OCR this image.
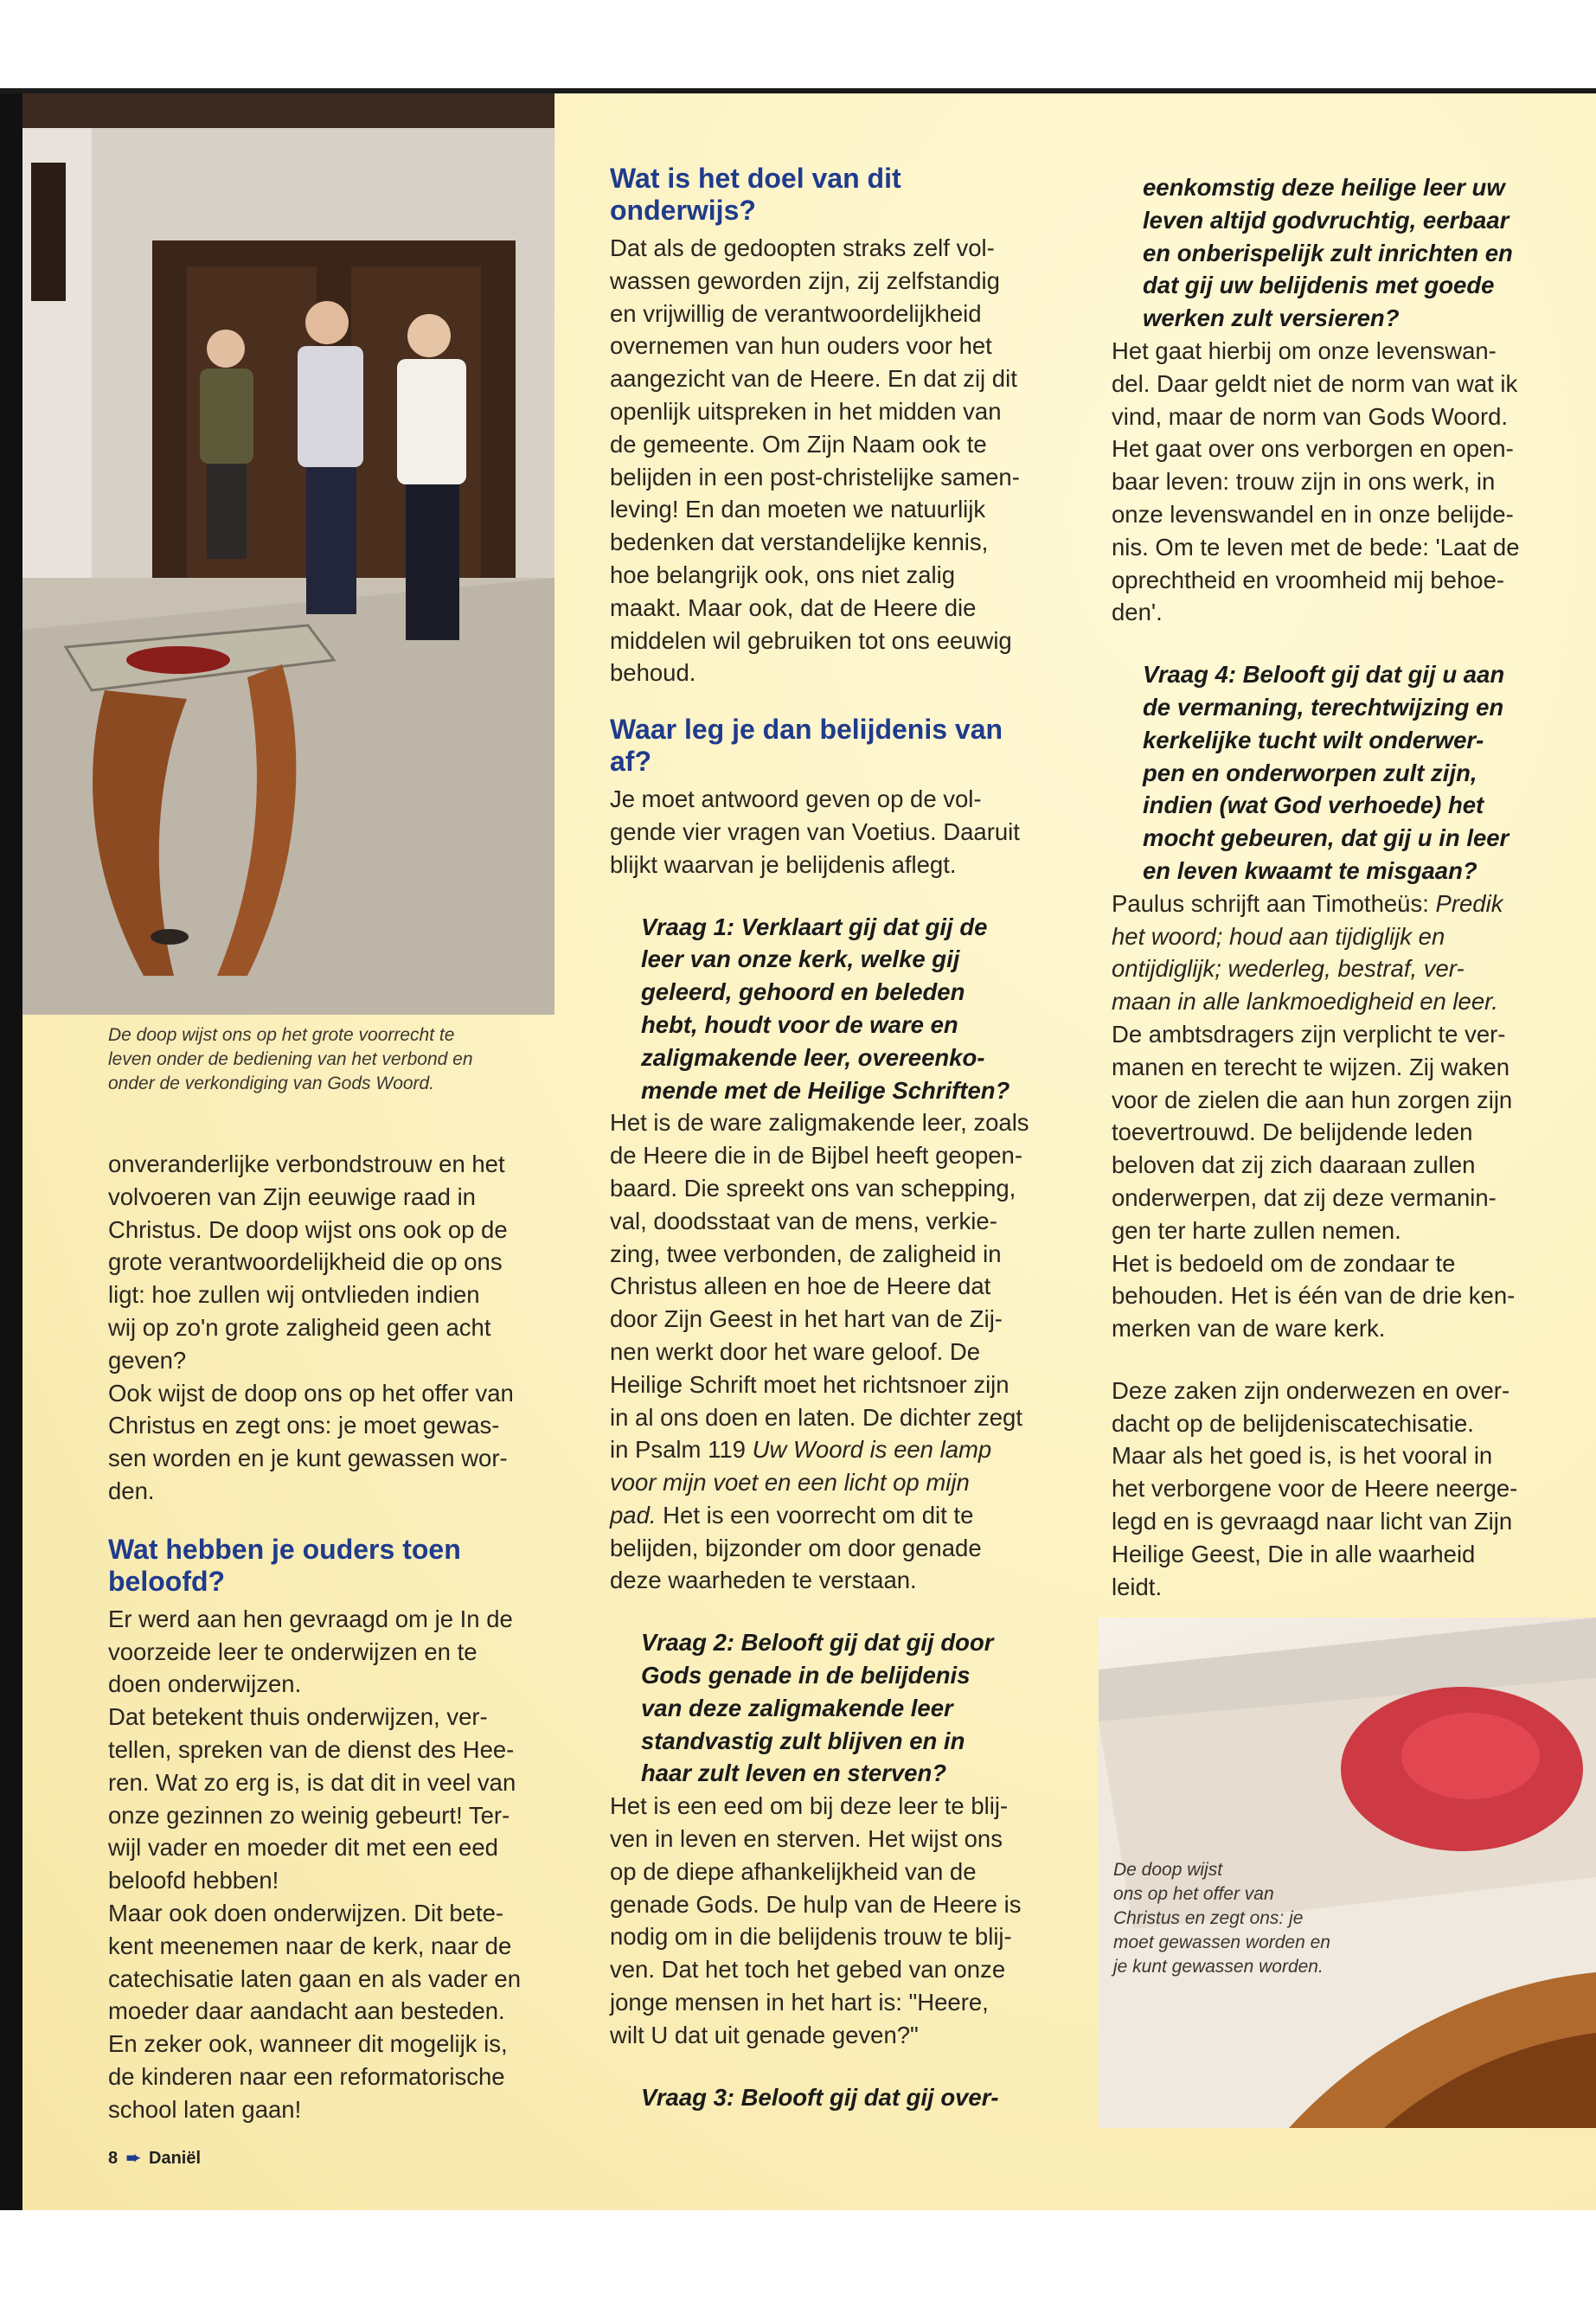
De doop wijst ons op het grote voorrecht te
leven onder de bediening van het verbond en
onder de verkondiging van Gods Woord.

onveranderlijke verbondstrouw en het
volvoeren van Zijn eeuwige raad in
Christus. De doop wijst ons ook op de
grote verantwoordelijkheid die op ons
ligt: hoe zullen wij ontvlieden indien
wij op zo'n grote zaligheid geen acht
geven?

Ook wijst de doop ons op het offer van
Christus en zegt ons: je moet gewas-
sen worden en je kunt gewassen wor-
den.

Wat hebben je ouders toen
beloofd?

Er werd aan hen gevraagd om je In de
voorzeide leer te onderwijzen en te
doen onderwijzen.

Dat betekent thuis onderwijzen, ver-
tellen, spreken van de dienst des Hee-
ren. Wat zo erg is, is dat dit in veel van
onze gezinnen zo weinig gebeurt! Ter-
wijl vader en moeder dit met een eed
beloofd hebben!

Maar ook doen onderwijzen. Dit bete-
kent meenemen naar de kerk, naar de
catechisatie laten gaan en als vader en
moeder daar aandacht aan besteden.
En zeker ook, wanneer dit mogelijk is,
de kinderen naar een reformatorische
school laten gaan!

Wat is het doel van dit
onderwijs?

Dat als de gedoopten straks zelf vol-
wassen geworden zijn, zij zelfstandig
en vrijwillig de verantwoordelijkheid
overnemen van hun ouders voor het
aangezicht van de Heere. En dat zij dit
openlijk uitspreken in het midden van
de gemeente. Om Zijn Naam ook te
belijden in een post-christelijke samen-
leving! En dan moeten we natuurlijk
bedenken dat verstandelijke kennis,
hoe belangrijk ook, ons niet zalig
maakt. Maar ook, dat de Heere die
middelen wil gebruiken tot ons eeuwig
behoud.

Waar leg je dan belijdenis van
af?

Je moet antwoord geven op de vol-
gende vier vragen van Voetius. Daaruit
blijkt waarvan je belijdenis aflegt.

Vraag 1: Verklaart gij dat gij de
leer van onze kerk, welke gij
geleerd, gehoord en beleden
hebt, houdt voor de ware en
zaligmakende leer, overeenko-
mende met de Heilige Schriften?

Het is de ware zaligmakende leer, zoals
de Heere die in de Bijbel heeft geopen-
baard. Die spreekt ons van schepping,
val, doodsstaat van de mens, verkie-
zing, twee verbonden, de zaligheid in
Christus alleen en hoe de Heere dat
door Zijn Geest in het hart van de Zij-
nen werkt door het ware geloof. De
Heilige Schrift moet het richtsnoer zijn
in al ons doen en laten. De dichter zegt
in Psalm 119 Uw Woord is een lamp
voor mijn voet en een licht op mijn
pad. Het is een voorrecht om dit te
belijden, bijzonder om door genade
deze waarheden te verstaan.

Vraag 2: Belooft gij dat gij door
Gods genade in de belijdenis
van deze zaligmakende leer
standvastig zult blijven en in
haar zult leven en sterven?

Het is een eed om bij deze leer te blij-
ven in leven en sterven. Het wijst ons
op de diepe afhankelijkheid van de
genade Gods. De hulp van de Heere is
nodig om in die belijdenis trouw te blij-
ven. Dat het toch het gebed van onze
jonge mensen in het hart is: "Heere,
wilt U dat uit genade geven?"

Vraag 3: Belooft gij dat gij over-

eenkomstig deze heilige leer uw
leven altijd godvruchtig, eerbaar
en onberispelijk zult inrichten en
dat gij uw belijdenis met goede
werken zult versieren?

Het gaat hierbij om onze levenswan-
del. Daar geldt niet de norm van wat ik
vind, maar de norm van Gods Woord.
Het gaat over ons verborgen en open-
baar leven: trouw zijn in ons werk, in
onze levenswandel en in onze belijde-
nis. Om te leven met de bede: 'Laat de
oprechtheid en vroomheid mij behoe-
den'.

Vraag 4: Belooft gij dat gij u aan
de vermaning, terechtwijzing en
kerkelijke tucht wilt onderwer-
pen en onderworpen zult zijn,
indien (wat God verhoede) het
mocht gebeuren, dat gij u in leer
en leven kwaamt te misgaan?

Paulus schrijft aan Timotheüs: Predik
het woord; houd aan tijdiglijk en
ontijdiglijk; wederleg, bestraf, ver-
maan in alle lankmoedigheid en leer.
De ambtsdragers zijn verplicht te ver-
manen en terecht te wijzen. Zij waken
voor de zielen die aan hun zorgen zijn
toevertrouwd. De belijdende leden
beloven dat zij zich daaraan zullen
onderwerpen, dat zij deze vermanin-
gen ter harte zullen nemen.

Het is bedoeld om de zondaar te
behouden. Het is één van de drie ken-
merken van de ware kerk.

Deze zaken zijn onderwezen en over-
dacht op de belijdeniscatechisatie.
Maar als het goed is, is het vooral in
het verborgene voor de Heere neerge-
legd en is gevraagd naar licht van Zijn
Heilige Geest, Die in alle waarheid
leidt.

De doop wijst
ons op het offer van
Christus en zegt ons: je
moet gewassen worden en
je kunt gewassen worden.
8 ➨ Daniël
